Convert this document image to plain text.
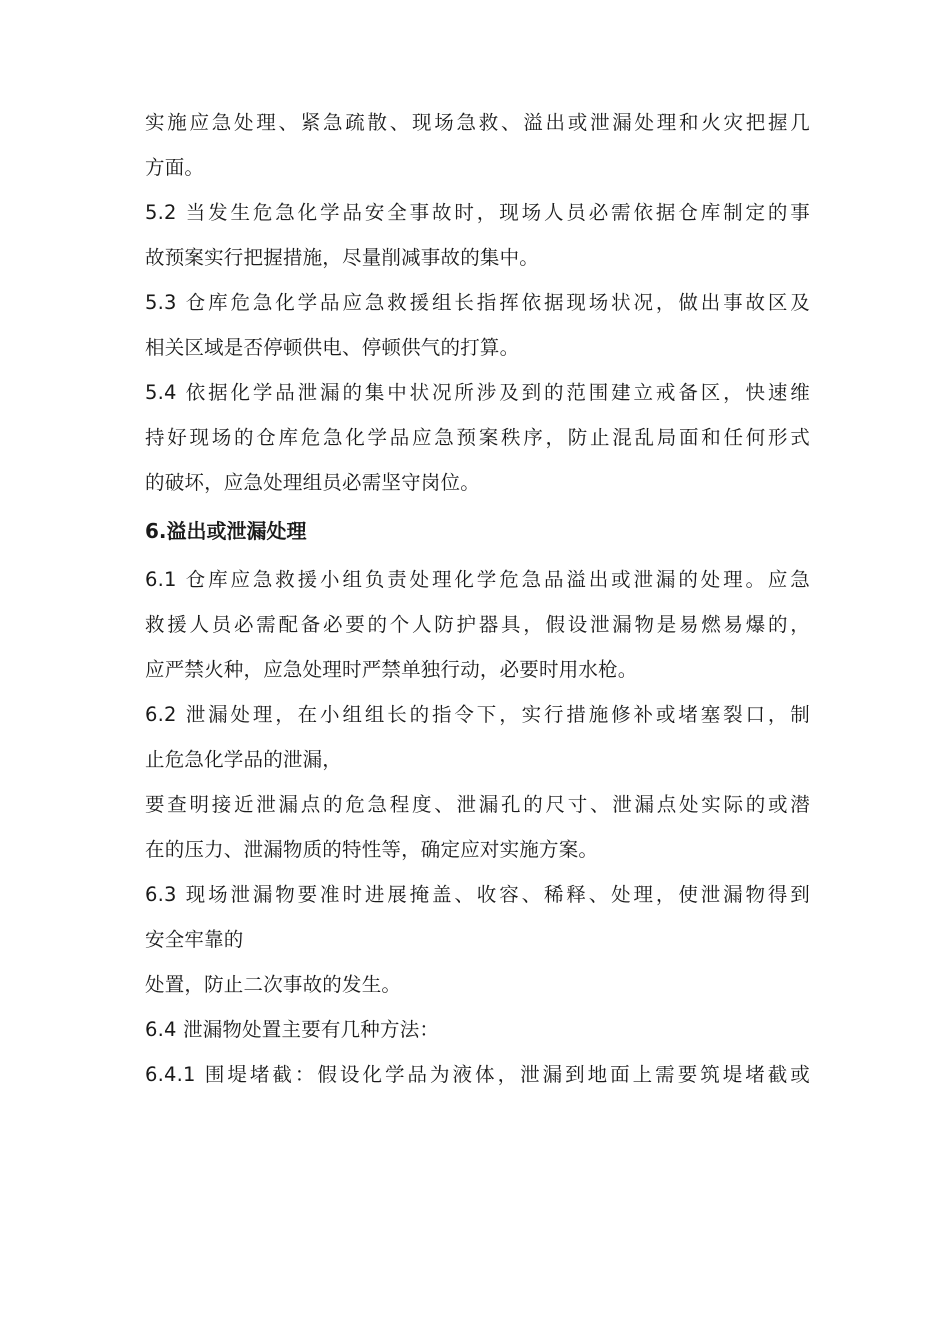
实施应急处理、紧急疏散、现场急救、溢出或泄漏处理和火灾把握几
方面。
5.2 当发生危急化学品安全事故时，现场人员必需依据仓库制定的事
故预案实行把握措施，尽量削减事故的集中。
5.3 仓库危急化学品应急救援组长指挥依据现场状况，做出事故区及
相关区域是否停顿供电、停顿供气的打算。
5.4 依据化学品泄漏的集中状况所涉及到的范围建立戒备区，快速维
持好现场的仓库危急化学品应急预案秩序，防止混乱局面和任何形式
的破坏，应急处理组员必需坚守岗位。
6.溢出或泄漏处理
6.1 仓库应急救援小组负责处理化学危急品溢出或泄漏的处理。应急
救援人员必需配备必要的个人防护器具，假设泄漏物是易燃易爆的，
应严禁火种，应急处理时严禁单独行动，必要时用水枪。
6.2 泄漏处理，在小组组长的指令下，实行措施修补或堵塞裂口，制
止危急化学品的泄漏，
要查明接近泄漏点的危急程度、泄漏孔的尺寸、泄漏点处实际的或潜
在的压力、泄漏物质的特性等，确定应对实施方案。
6.3 现场泄漏物要准时进展掩盖、收容、稀释、处理，使泄漏物得到
安全牢靠的
处置，防止二次事故的发生。
6.4 泄漏物处置主要有几种方法：
6.4.1 围堤堵截：假设化学品为液体，泄漏到地面上需要筑堤堵截或
